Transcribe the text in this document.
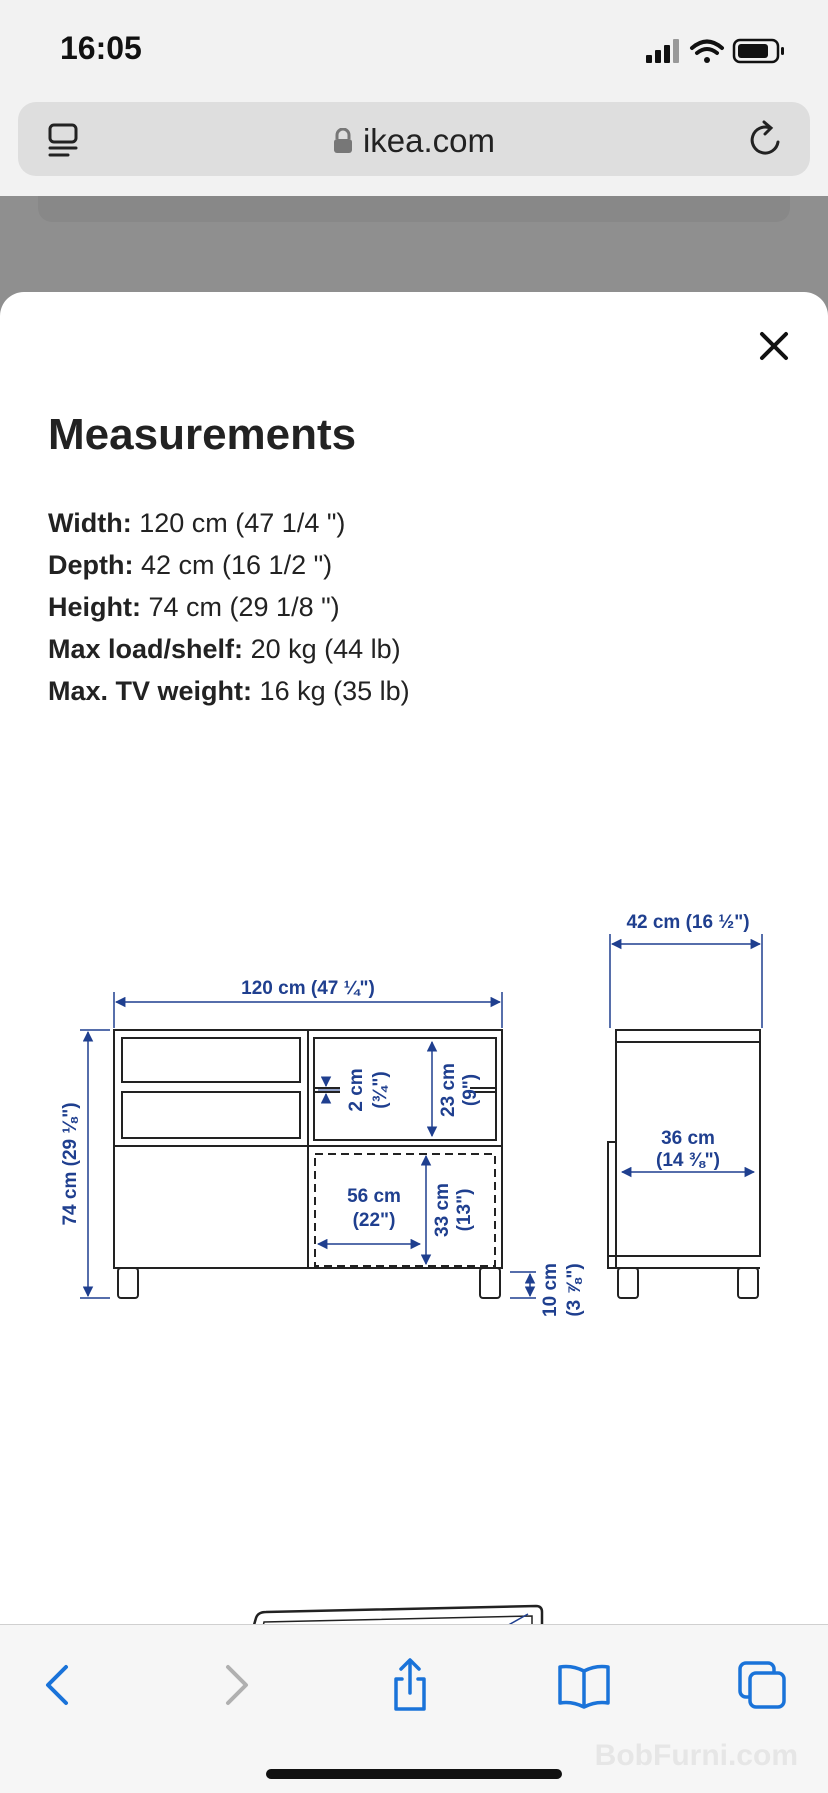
16:05
ikea.com
Measurements
Width: 120 cm (47 1/4 ")
Depth: 42 cm (16 1/2 ")
Height: 74 cm (29 1/8 ")
Max load/shelf: 20 kg (44 lb)
Max. TV weight: 16 kg (35 lb)
120 cm (47 ¼")
74 cm (29 ⅛")
42 cm (16 ½")
36 cm
(14 ⅜")
2 cm (¾") 23 cm (9")
56 cm
(22") 33 cm (13")
10 cm (3 ⅞")
BobFurni.com
